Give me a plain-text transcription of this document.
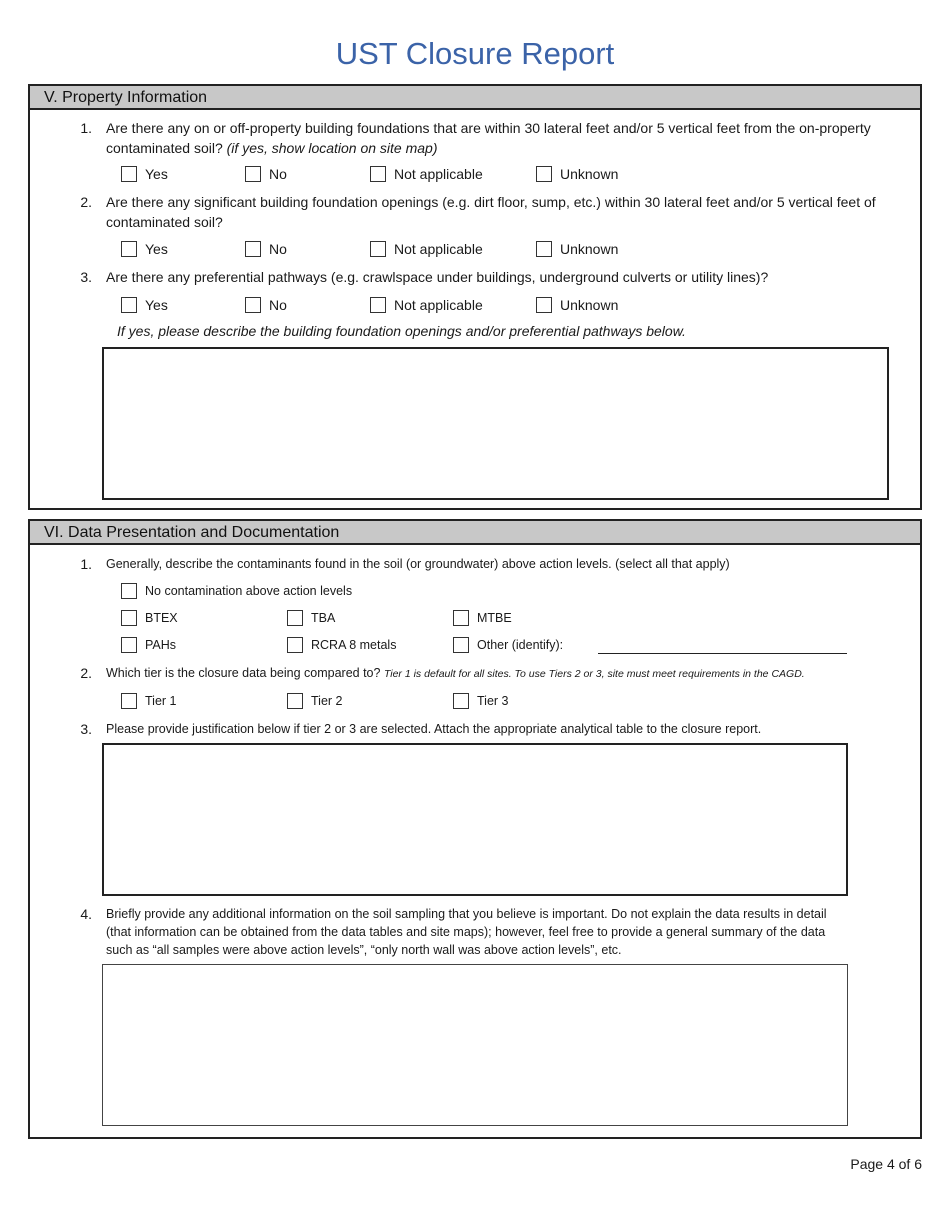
UST Closure Report
V. Property Information
1. Are there any on or off-property building foundations that are within 30 lateral feet and/or 5 vertical feet from the on-property contaminated soil? (if yes, show location on site map)
Yes	No	Not applicable	Unknown
2. Are there any significant building foundation openings (e.g. dirt floor, sump, etc.) within 30 lateral feet and/or 5 vertical feet of contaminated soil?
Yes	No	Not applicable	Unknown
3. Are there any preferential pathways (e.g. crawlspace under buildings, underground culverts or utility lines)?
Yes	No	Not applicable	Unknown
If yes, please describe the building foundation openings and/or preferential pathways below.
VI. Data Presentation and Documentation
1. Generally, describe the contaminants found in the soil (or groundwater) above action levels. (select all that apply)
No contamination above action levels
BTEX	TBA	MTBE
PAHs	RCRA 8 metals	Other (identify):
2. Which tier is the closure data being compared to? Tier 1 is default for all sites. To use Tiers 2 or 3, site must meet requirements in the CAGD.
Tier 1	Tier 2	Tier 3
3. Please provide justification below if tier 2 or 3 are selected. Attach the appropriate analytical table to the closure report.
4. Briefly provide any additional information on the soil sampling that you believe is important. Do not explain the data results in detail (that information can be obtained from the data tables and site maps); however, feel free to provide a general summary of the data such as “all samples were above action levels”, “only north wall was above action levels”, etc.
Page 4 of 6
